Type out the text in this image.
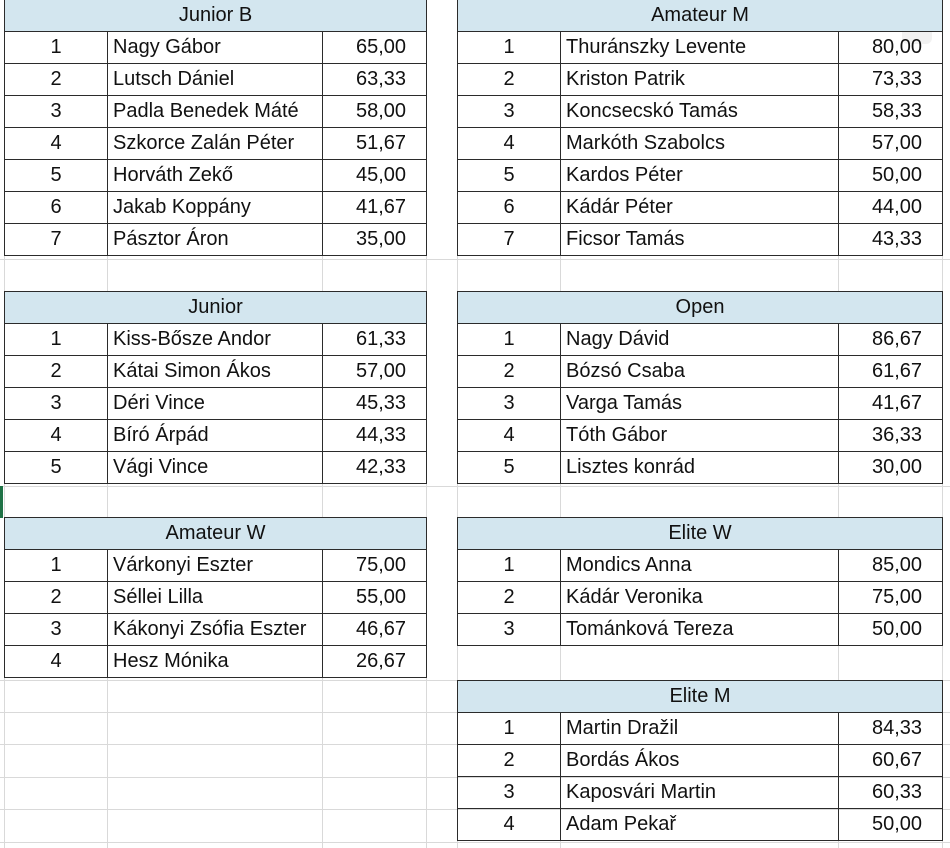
Junior B		
1	Nagy Gábor	65,00
2	Lutsch Dániel	63,33
3	Padla Benedek Máté	58,00
4	Szkorce Zalán Péter	51,67
5	Horváth Zekő	45,00
6	Jakab Koppány	41,67
7	Pásztor Áron	35,00
Amateur M		
1	Thuránszky Levente	80,00
2	Kriston Patrik	73,33
3	Koncsecskó Tamás	58,33
4	Markóth Szabolcs	57,00
5	Kardos Péter	50,00
6	Kádár Péter	44,00
7	Ficsor Tamás	43,33
Junior		
1	Kiss-Bősze Andor	61,33
2	Kátai Simon Ákos	57,00
3	Déri Vince	45,33
4	Bíró Árpád	44,33
5	Vági Vince	42,33
Open		
1	Nagy Dávid	86,67
2	Bózsó Csaba	61,67
3	Varga Tamás	41,67
4	Tóth Gábor	36,33
5	Lisztes konrád	30,00
Amateur W		
1	Várkonyi Eszter	75,00
2	Séllei Lilla	55,00
3	Kákonyi Zsófia Eszter	46,67
4	Hesz Mónika	26,67
Elite W		
1	Mondics Anna	85,00
2	Kádár Veronika	75,00
3	Tománková Tereza	50,00
Elite M		
1	Martin Dražil	84,33
2	Bordás Ákos	60,67
3	Kaposvári Martin	60,33
4	Adam Pekař	50,00
